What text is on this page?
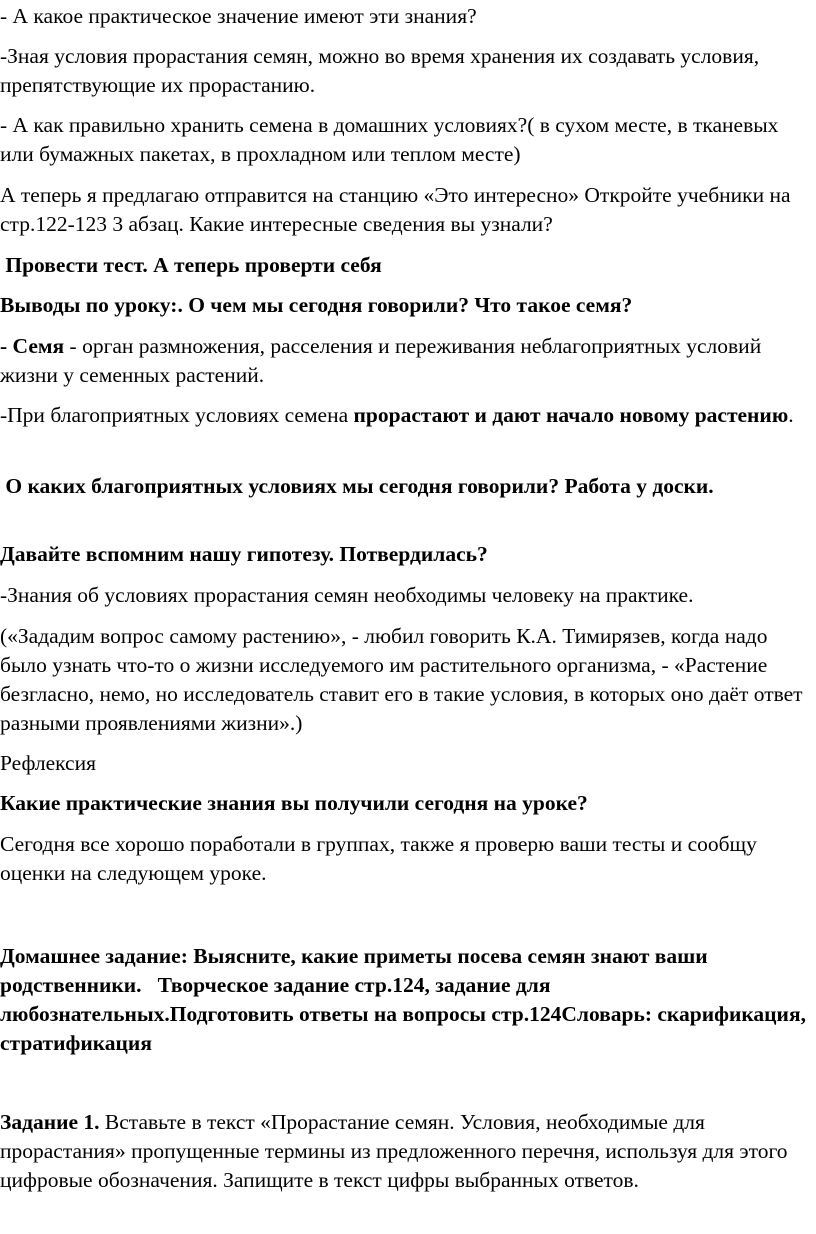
- А какое практическое значение имеют эти знания?

-Зная условия прорастания семян, можно во время хранения их создавать условия, препятствующие их прорастанию.

- А как правильно хранить семена в домашних условиях?( в сухом месте, в тканевых или бумажных пакетах, в прохладном или теплом месте)

А теперь я предлагаю отправится на станцию «Это интересно» Откройте учебники на стр.122-123 3 абзац. Какие интересные сведения вы узнали?

Провести тест. А теперь проверти себя

Выводы по уроку:. О чем мы сегодня говорили? Что такое семя?

- Семя - орган размножения, расселения и переживания неблагоприятных условий жизни у семенных растений.

-При благоприятных условиях семена прорастают и дают начало новому растению.

О каких благоприятных условиях мы сегодня говорили? Работа у доски.

Давайте вспомним нашу гипотезу. Потвердилась?

-Знания об условиях прорастания семян необходимы человеку на практике.

(«Зададим вопрос самому растению», - любил говорить К.А. Тимирязев, когда надо было узнать что-то о жизни исследуемого им растительного организма, - «Растение безгласно, немо, но исследователь ставит его в такие условия, в которых оно даёт ответ разными проявлениями жизни».)

Рефлексия

Какие практические знания вы получили сегодня на уроке?

Сегодня все хорошо поработали в группах, также я проверю ваши тесты и сообщу оценки на следующем уроке.

Домашнее задание: Выясните, какие приметы посева семян знают ваши родственники.   Творческое задание стр.124, задание для любознательных.Подготовить ответы на вопросы стр.124Словарь: скарификация, стратификация

Задание 1. Вставьте в текст «Прорастание семян. Условия, необходимые для прорастания» пропущенные термины из предложенного перечня, используя для этого цифровые обозначения. Запищите в текст цифры выбранных ответов.
